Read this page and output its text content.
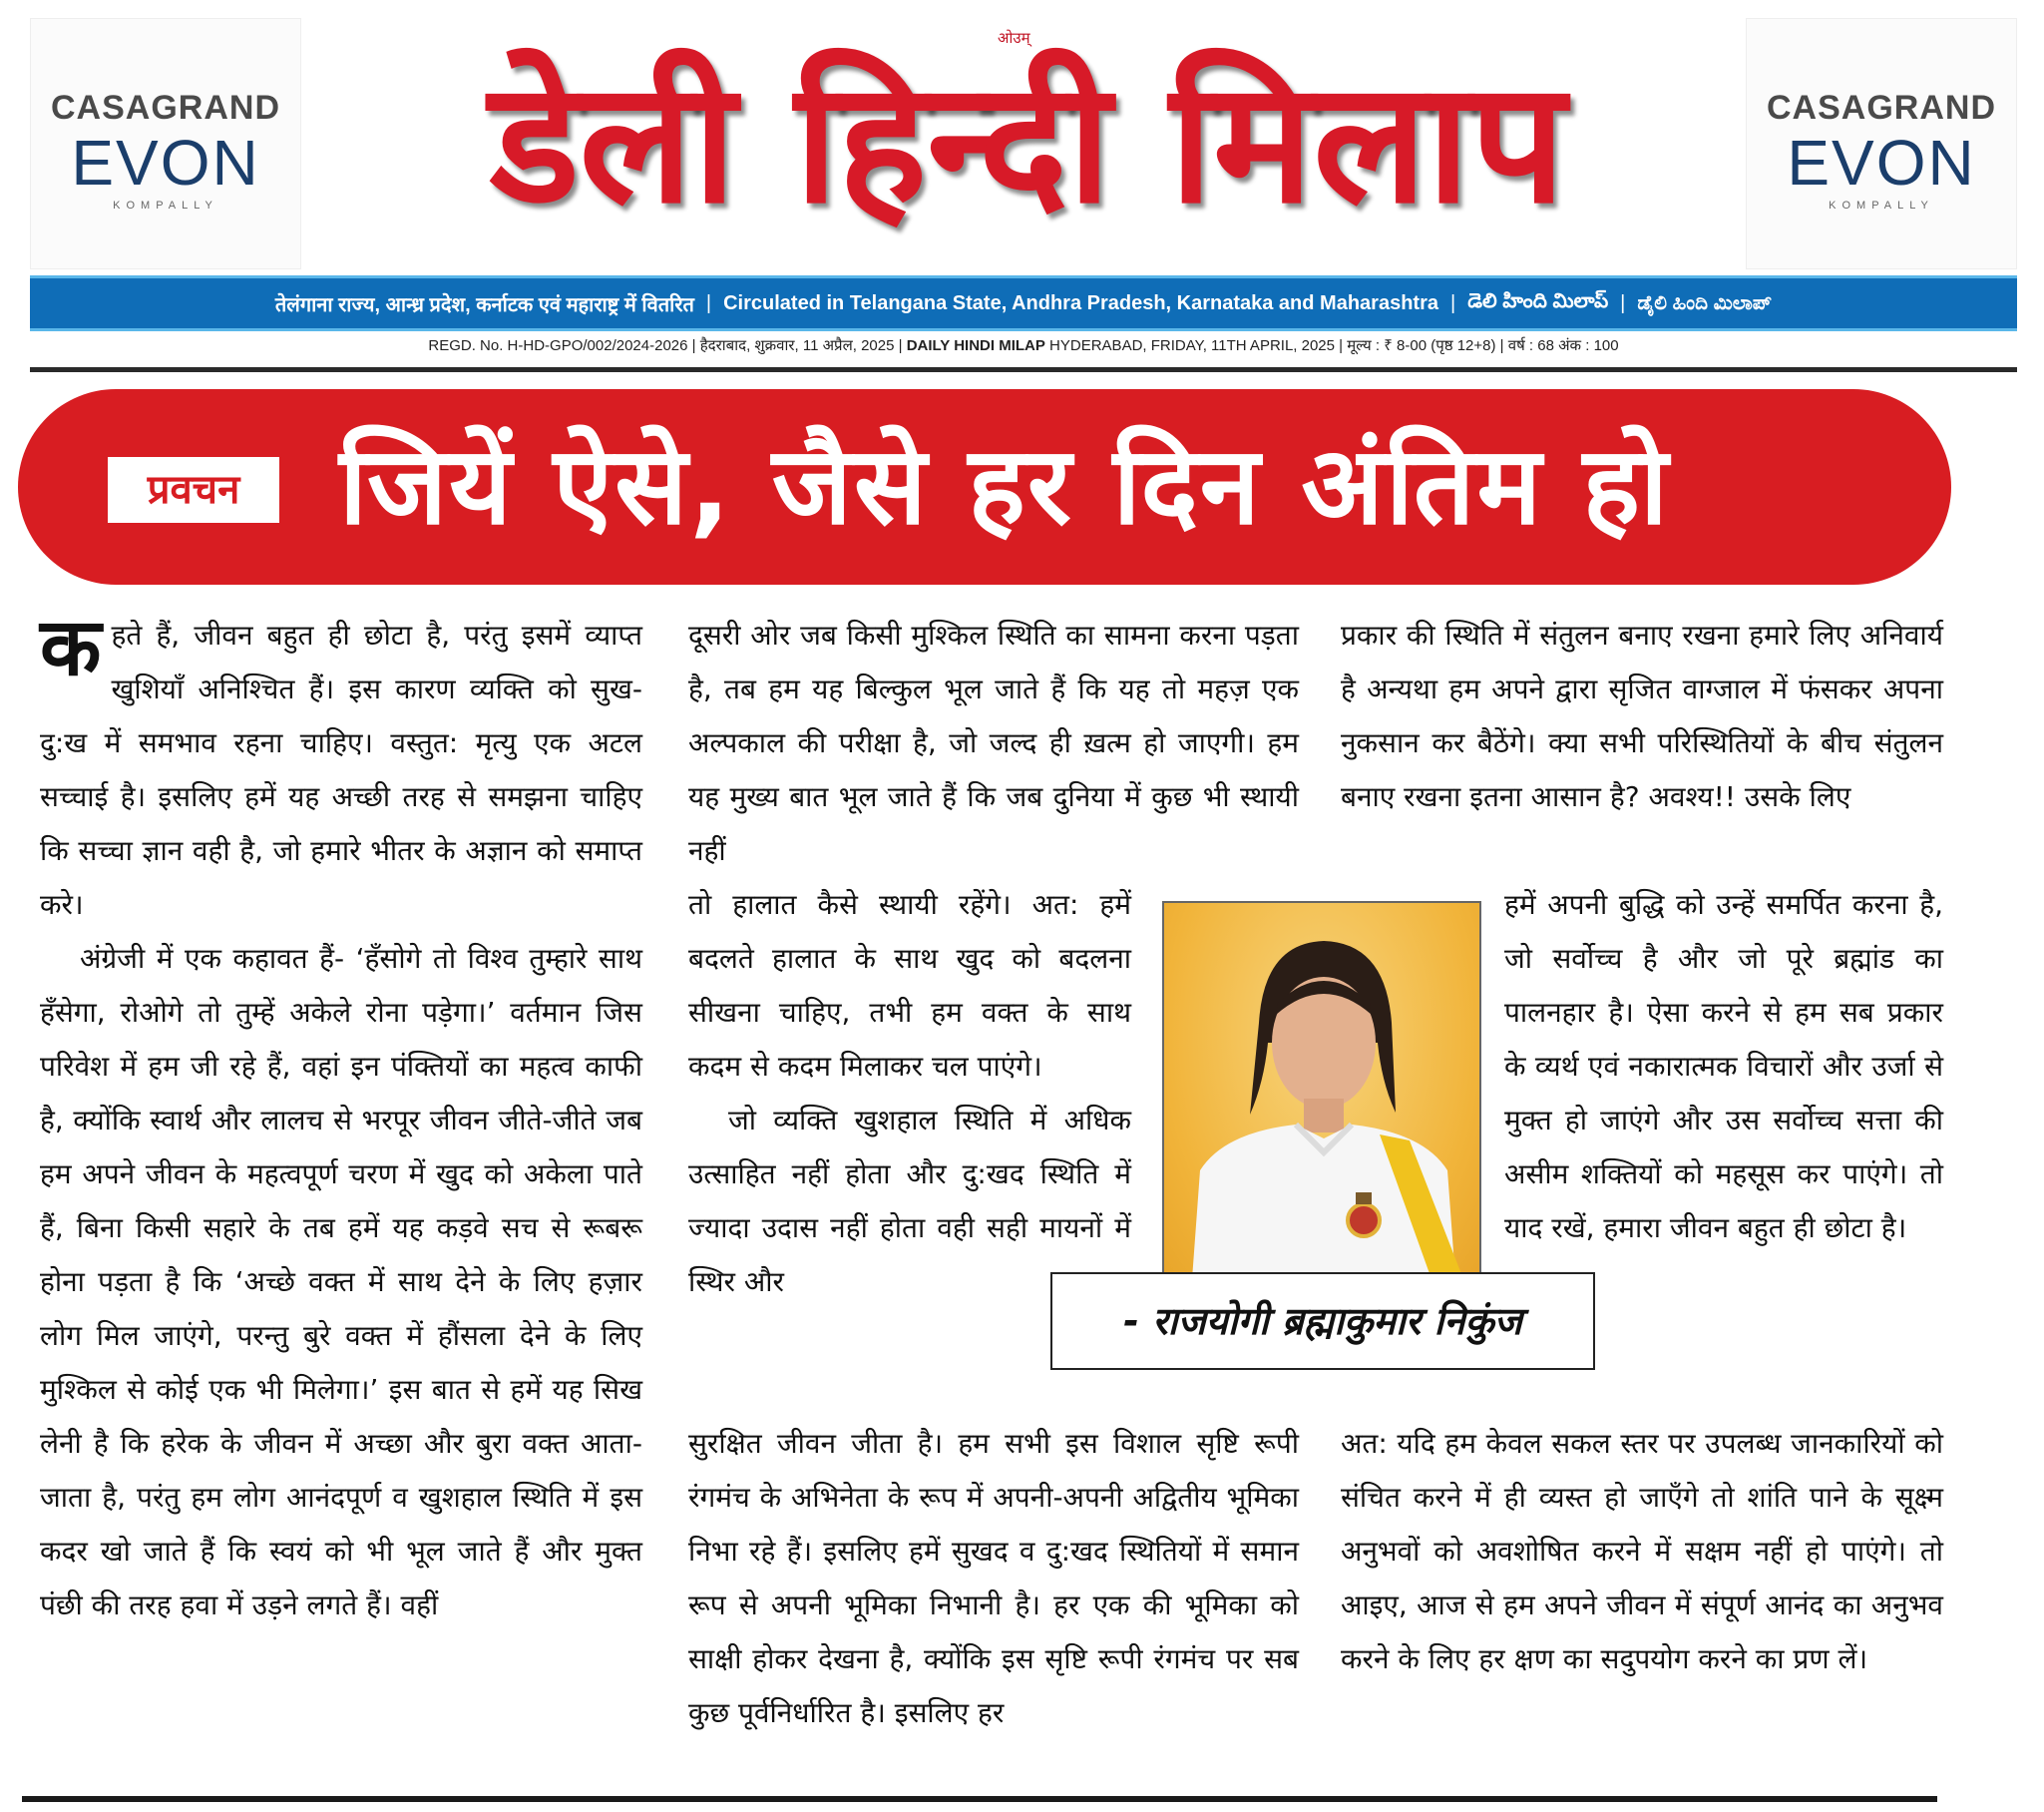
CASAGRAND
EVON
KOMPALLY
ओउम्
डेली हिन्दी मिलाप	CASAGRAND
EVON
KOMPALLY
तेलंगाना राज्य, आन्ध्र प्रदेश, कर्नाटक एवं महाराष्ट्र में वितरित | Circulated in Telangana State, Andhra Pradesh, Karnataka and Maharashtra | డెలి హింది మిలాప్ | ಡೈಲಿ ಹಿಂದಿ ಮಿಲಾಪ್
REGD. No. H-HD-GPO/002/2024-2026 | हैदराबाद, शुक्रवार, 11 अप्रैल, 2025 | DAILY HINDI MILAP HYDERABAD, FRIDAY, 11TH APRIL, 2025 | मूल्य : ₹ 8-00 (पृष्ठ 12+8) | वर्ष : 68 अंक : 100
प्रवचन जियें ऐसे, जैसे हर दिन अंतिम हो

कहते हैं, जीवन बहुत ही छोटा है, परंतु इसमें व्याप्त खुशियाँ अनिश्चित हैं। इस कारण व्यक्ति को सुख-दु:ख में समभाव रहना चाहिए। वस्तुत: मृत्यु एक अटल सच्चाई है। इसलिए हमें यह अच्छी तरह से समझना चाहिए कि सच्चा ज्ञान वही है, जो हमारे भीतर के अज्ञान को समाप्त करे।

अंग्रेजी में एक कहावत हैं- ‘हँसोगे तो विश्व तुम्हारे साथ हँसेगा, रोओगे तो तुम्हें अकेले रोना पड़ेगा।’ वर्तमान जिस परिवेश में हम जी रहे हैं, वहां इन पंक्तियों का महत्व काफी है, क्योंकि स्वार्थ और लालच से भरपूर जीवन जीते-जीते जब हम अपने जीवन के महत्वपूर्ण चरण में खुद को अकेला पाते हैं, बिना किसी सहारे के तब हमें यह कड़वे सच से रूबरू होना पड़ता है कि ‘अच्छे वक्त में साथ देने के लिए हज़ार लोग मिल जाएंगे, परन्तु बुरे वक्त में हौंसला देने के लिए मुश्किल से कोई एक भी मिलेगा।’ इस बात से हमें यह सिख लेनी है कि हरेक के जीवन में अच्छा और बुरा वक्त आता-जाता है, परंतु हम लोग आनंदपूर्ण व खुशहाल स्थिति में इस कदर खो जाते हैं कि स्वयं को भी भूल जाते हैं और मुक्त पंछी की तरह हवा में उड़ने लगते हैं। वहीं

दूसरी ओर जब किसी मुश्किल स्थिति का सामना करना पड़ता है, तब हम यह बिल्कुल भूल जाते हैं कि यह तो महज़ एक अल्पकाल की परीक्षा है, जो जल्द ही ख़त्म हो जाएगी। हम यह मुख्य बात भूल जाते हैं कि जब दुनिया में कुछ भी स्थायी नहीं

तो हालात कैसे स्थायी रहेंगे। अत: हमें बदलते हालात के साथ खुद को बदलना सीखना चाहिए, तभी हम वक्त के साथ कदम से कदम मिलाकर चल पाएंगे।

जो व्यक्ति खुशहाल स्थिति में अधिक उत्साहित नहीं होता और दु:खद स्थिति में ज्यादा उदास नहीं होता वही सही मायनों में स्थिर और

सुरक्षित जीवन जीता है। हम सभी इस विशाल सृष्टि रूपी रंगमंच के अभिनेता के रूप में अपनी-अपनी अद्वितीय भूमिका निभा रहे हैं। इसलिए हमें सुखद व दु:खद स्थितियों में समान रूप से अपनी भूमिका निभानी है। हर एक की भूमिका को साक्षी होकर देखना है, क्योंकि इस सृष्टि रूपी रंगमंच पर सब कुछ पूर्वनिर्धारित है। इसलिए हर

प्रकार की स्थिति में संतुलन बनाए रखना हमारे लिए अनिवार्य है अन्यथा हम अपने द्वारा सृजित वाग्जाल में फंसकर अपना नुकसान कर बैठेंगे। क्या सभी परिस्थितियों के बीच संतुलन बनाए रखना इतना आसान है? अवश्य!! उसके लिए

हमें अपनी बुद्धि को उन्हें समर्पित करना है, जो सर्वोच्च है और जो पूरे ब्रह्मांड का पालनहार है। ऐसा करने से हम सब प्रकार के व्यर्थ एवं नकारात्मक विचारों और उर्जा से मुक्त हो जाएंगे और उस सर्वोच्च सत्ता की असीम शक्तियों को महसूस कर पाएंगे। तो याद रखें, हमारा जीवन बहुत ही छोटा है।

अत: यदि हम केवल सकल स्तर पर उपलब्ध जानकारियों को संचित करने में ही व्यस्त हो जाएँगे तो शांति पाने के सूक्ष्म अनुभवों को अवशोषित करने में सक्षम नहीं हो पाएंगे। तो आइए, आज से हम अपने जीवन में संपूर्ण आनंद का अनुभव करने के लिए हर क्षण का सदुपयोग करने का प्रण लें।

- राजयोगी ब्रह्माकुमार निकुंज
